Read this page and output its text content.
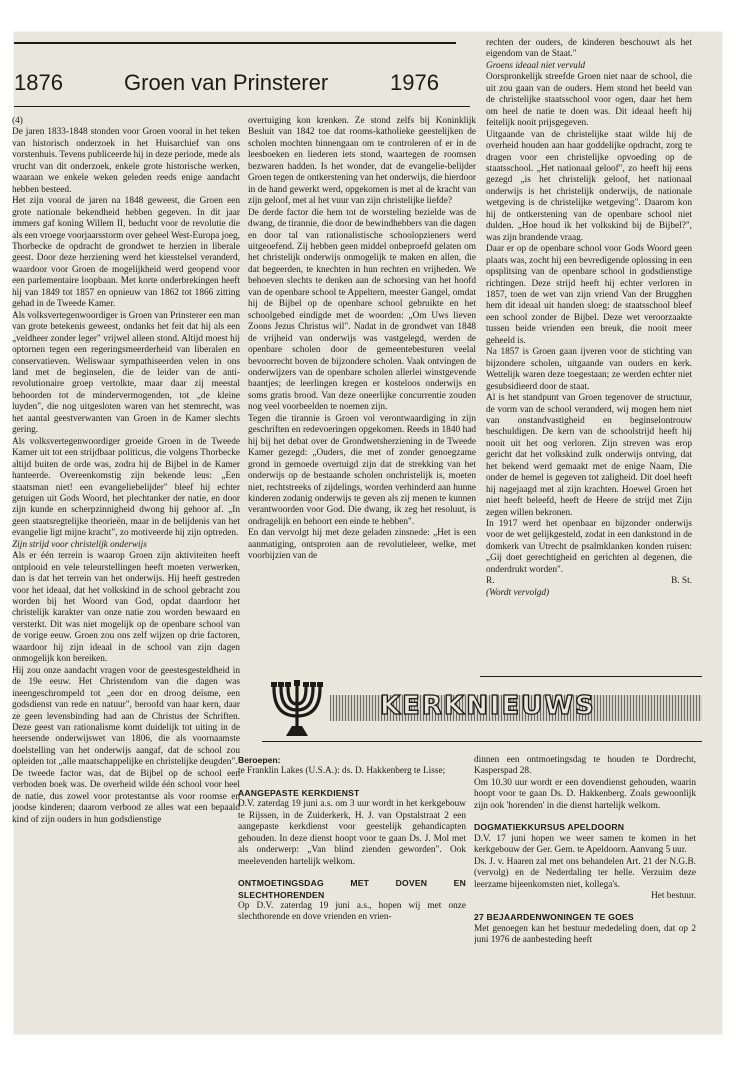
1876	Groen van Prinsterer	1976

(4)

De jaren 1833-1848 stonden voor Groen vooral in het teken van historisch onderzoek in het Huisarchief van ons vorstenhuis. Tevens publiceerde hij in deze periode, mede als vrucht van dit onderzoek, enkele grote historische werken, waaraan we enkele weken geleden reeds enige aandacht hebben besteed.

Het zijn vooral de jaren na 1848 geweest, die Groen een grote nationale bekendheid hebben gegeven. In dit jaar immers gaf koning Willem II, beducht voor de revolutie die als een vroege voorjaarsstorm over geheel West-Europa joeg, Thorbecke de opdracht de grondwet te herzien in liberale geest. Door deze herziening werd het kiesstelsel veranderd, waardoor voor Groen de mogelijkheid werd geopend voor een parlementaire loopbaan. Met korte onderbrekingen heeft hij van 1849 tot 1857 en opnieuw van 1862 tot 1866 zitting gehad in de Tweede Kamer.

Als volksvertegenwoordiger is Groen van Prinsterer een man van grote betekenis geweest, ondanks het feit dat hij als een „veldheer zonder leger" vrijwel alleen stond. Altijd moest hij optornen tegen een regeringsmeerderheid van liberalen en conservatieven. Weliswaar sympathiseerden velen in ons land met de beginselen, die de leider van de anti-revolutionaire groep vertolkte, maar daar zij meestal behoorden tot de mindervermogenden, tot „de kleine luyden", die nog uitgesloten waren van het stemrecht, was het aantal geestverwanten van Groen in de Kamer slechts gering.

Als volksvertegenwoordiger groeide Groen in de Tweede Kamer uit tot een strijdbaar politicus, die volgens Thorbecke altijd buiten de orde was, zodra hij de Bijbel in de Kamer hanteerde. Overeenkomstig zijn bekende leus: „Een staatsman niet! een evangeliebelijder" bleef hij echter getuigen uit Gods Woord, het plechtanker der natie, en door zijn kunde en scherpzinnigheid dwong hij gehoor af. „In geen staatsregtelijke theorieën, maar in de belijdenis van het evangelie ligt mijne kracht", zo motiveerde hij zijn optreden.

Zijn strijd voor christelijk onderwijs

Als er één terrein is waarop Groen zijn aktiviteiten heeft ontplooid en vele teleurstellingen heeft moeten verwerken, dan is dat het terrein van het onderwijs. Hij heeft gestreden voor het ideaal, dat het volkskind in de school gebracht zou worden bij het Woord van God, opdat daardoor het christelijk karakter van onze natie zou worden bewaard en versterkt. Dit was niet mogelijk op de openbare school van de vorige eeuw. Groen zou ons zelf wijzen op drie factoren, waardoor hij zijn ideaal in de school van zijn dagen onmogelijk kon bereiken.

Hij zou onze aandacht vragen voor de geestesgesteldheid in de 19e eeuw. Het Christendom van die dagen was ineengeschrompeld tot „een dor en droog deïsme, een godsdienst van rede en natuur", beroofd van haar kern, daar ze geen levensbinding had aan de Christus der Schriften. Deze geest van rationalisme komt duidelijk tot uiting in de heersende onderwijswet van 1806, die als voornaamste doelstelling van het onderwijs aangaf, dat de school zou opleiden tot „alle maatschappelijke en christelijke deugden".

De tweede factor was, dat de Bijbel op de school een verboden boek was. De overheid wilde één school voor heel de natie, dus zowel voor protestantse als voor roomse en joodse kinderen; daarom verbood ze alles wat een bepaald kind of zijn ouders in hun godsdienstige

overtuiging kon krenken. Ze stond zelfs bij Koninklijk Besluit van 1842 toe dat rooms-katholieke geestelijken de scholen mochten binnengaan om te controleren of er in de leesboeken en liederen iets stond, waartegen de roomsen bezwaren hadden. Is het wonder, dat de evangelie-belijder Groen tegen de ontkerstening van het onderwijs, die hierdoor in de hand gewerkt werd, opgekomen is met al de kracht van zijn geloof, met al het vuur van zijn christelijke liefde?

De derde factor die hem tot de worsteling bezielde was de dwang, de tirannie, die door de bewindhebbers van die dagen en door tal van rationalistische schoolopzieners werd uitgeoefend. Zij hebben geen middel onbeproefd gelaten om het christelijk onderwijs onmogelijk te maken en allen, die dat begeerden, te knechten in hun rechten en vrijheden. We behoeven slechts te denken aan de schorsing van het hoofd van de openbare school te Appeltern, meester Gangel, omdat hij de Bijbel op de openbare school gebruikte en het schoolgebed eindigde met de woorden: „Om Uws lieven Zoons Jezus Christus wil". Nadat in de grondwet van 1848 de vrijheid van onderwijs was vastgelegd, werden de openbare scholen door de gemeentebesturen veelal bevoorrecht boven de bijzondere scholen. Vaak ontvingen de onderwijzers van de openbare scholen allerlei winstgevende baantjes; de leerlingen kregen er kosteloos onderwijs en soms gratis brood. Van deze oneerlijke concurrentie zouden nog veel voorbeelden te noemen zijn.

Tegen die tirannie is Groen vol verontwaardiging in zijn geschriften en redevoeringen opgekomen. Reeds in 1840 had hij bij het debat over de Grondwetsherziening in de Tweede Kamer gezegd: „Ouders, die met of zonder genoegzame grond in gemoede overtuigd zijn dat de strekking van het onderwijs op de bestaande scholen onchristelijk is, moeten niet, rechtstreeks of zijdelings, worden verhinderd aan hunne kinderen zodanig onderwijs te geven als zij menen te kunnen verantwoorden voor God. Die dwang, ik zeg het resoluut, is ondragelijk en behoort een einde te hebben".

En dan vervolgt hij met deze geladen zinsnede: „Het is een aanmatiging, ontsproten aan de revolutieleer, welke, met voorbijzien van de

rechten der ouders, de kinderen beschouwt als het eigendom van de Staat."

Groens ideaal niet vervuld

Oorspronkelijk streefde Groen niet naar de school, die uit zou gaan van de ouders. Hem stond het beeld van de christelijke staatsschool voor ogen, daar het hem om heel de natie te doen was. Dit ideaal heeft hij feitelijk nooit prijsgegeven.

Uitgaande van de christelijke staat wilde hij de overheid houden aan haar goddelijke opdracht, zorg te dragen voor een christelijke opvoeding op de staatsschool. „Het nationaal geloof", zo heeft hij eens gezegd „is het christelijk geloof, het nationaal onderwijs is het christelijk onderwijs, de nationale wetgeving is de christelijke wetgeving". Daarom kon hij de ontkerstening van de openbare school niet dulden. „Hoe houd ik het volkskind bij de Bijbel?", was zijn brandende vraag.

Daar er op de openbare school voor Gods Woord geen plaats was, zocht hij een bevredigende oplossing in een opsplitsing van de openbare school in godsdienstige richtingen. Deze strijd heeft hij echter verloren in 1857, toen de wet van zijn vriend Van der Brugghen hem dit ideaal uit handen sloeg: de staatsschool bleef een school zonder de Bijbel. Deze wet veroorzaakte tussen beide vrienden een breuk, die nooit meer geheeld is.

Na 1857 is Groen gaan ijveren voor de stichting van bijzondere scholen, uitgaande van ouders en kerk. Wettelijk waren deze toegestaan; ze werden echter niet gesubsidieerd door de staat.

Al is het standpunt van Groen tegenover de structuur, de vorm van de school veranderd, wij mogen hem niet van onstandvastigheid en beginselontrouw beschuldigen. De kern van de schoolstrijd heeft hij nooit uit het oog verloren. Zijn streven was erop gericht dat het volkskind zulk onderwijs ontving, dat het bekend werd gemaakt met de enige Naam, Die onder de hemel is gegeven tot zaligheid. Dit doel heeft hij nagejaagd met al zijn krachten. Hoewel Groen het niet heeft beleefd, heeft de Heere de strijd met Zijn zegen willen bekronen.

In 1917 werd het openbaar en bijzonder onderwijs voor de wet gelijkgesteld, zodat in een dankstond in de domkerk van Utrecht de psalmklanken konden ruisen: „Gij doet gerechtigheid en gerichten al degenen, die onderdrukt worden".

R.	B. St.

(Wordt vervolgd)

KERKNIEUWS

Beroepen:

te Franklin Lakes (U.S.A.): ds. D. Hakkenberg te Lisse;

AANGEPASTE KERKDIENST

D.V. zaterdag 19 juni a.s. om 3 uur wordt in het kerkgebouw te Rijssen, in de Zuiderkerk, H. J. van Opstalstraat 2 een aangepaste kerkdienst voor geestelijk gehandicapten gehouden. In deze dienst hoopt voor te gaan Ds. J. Mol met als onderwerp: „Van blind zienden geworden". Ook meelevenden hartelijk welkom.

ONTMOETINGSDAG MET DOVEN EN SLECHTHORENDEN

Op D.V. zaterdag 19 juni a.s., hopen wij met onze slechthorende en dove vrienden en vrien-

dinnen een ontmoetingsdag te houden te Dordrecht, Kasperspad 28.

Om 10.30 uur wordt er een dovendienst gehouden, waarin hoopt voor te gaan Ds. D. Hakkenberg. Zoals gewoonlijk zijn ook 'horenden' in die dienst hartelijk welkom.

DOGMATIEKKURSUS APELDOORN

D.V. 17 juni hopen we weer samen te komen in het kerkgebouw der Ger. Gem. te Apeldoorn. Aanvang 5 uur.

Ds. J. v. Haaren zal met ons behandelen Art. 21 der N.G.B. (vervolg) en de Nederdaling ter helle. Verzuim deze leerzame bijeenkomsten niet, kollega's.

Het bestuur.

27 BEJAARDENWONINGEN TE GOES

Met genoegen kan het bestuur mededeling doen, dat op 2 juni 1976 de aanbesteding heeft
